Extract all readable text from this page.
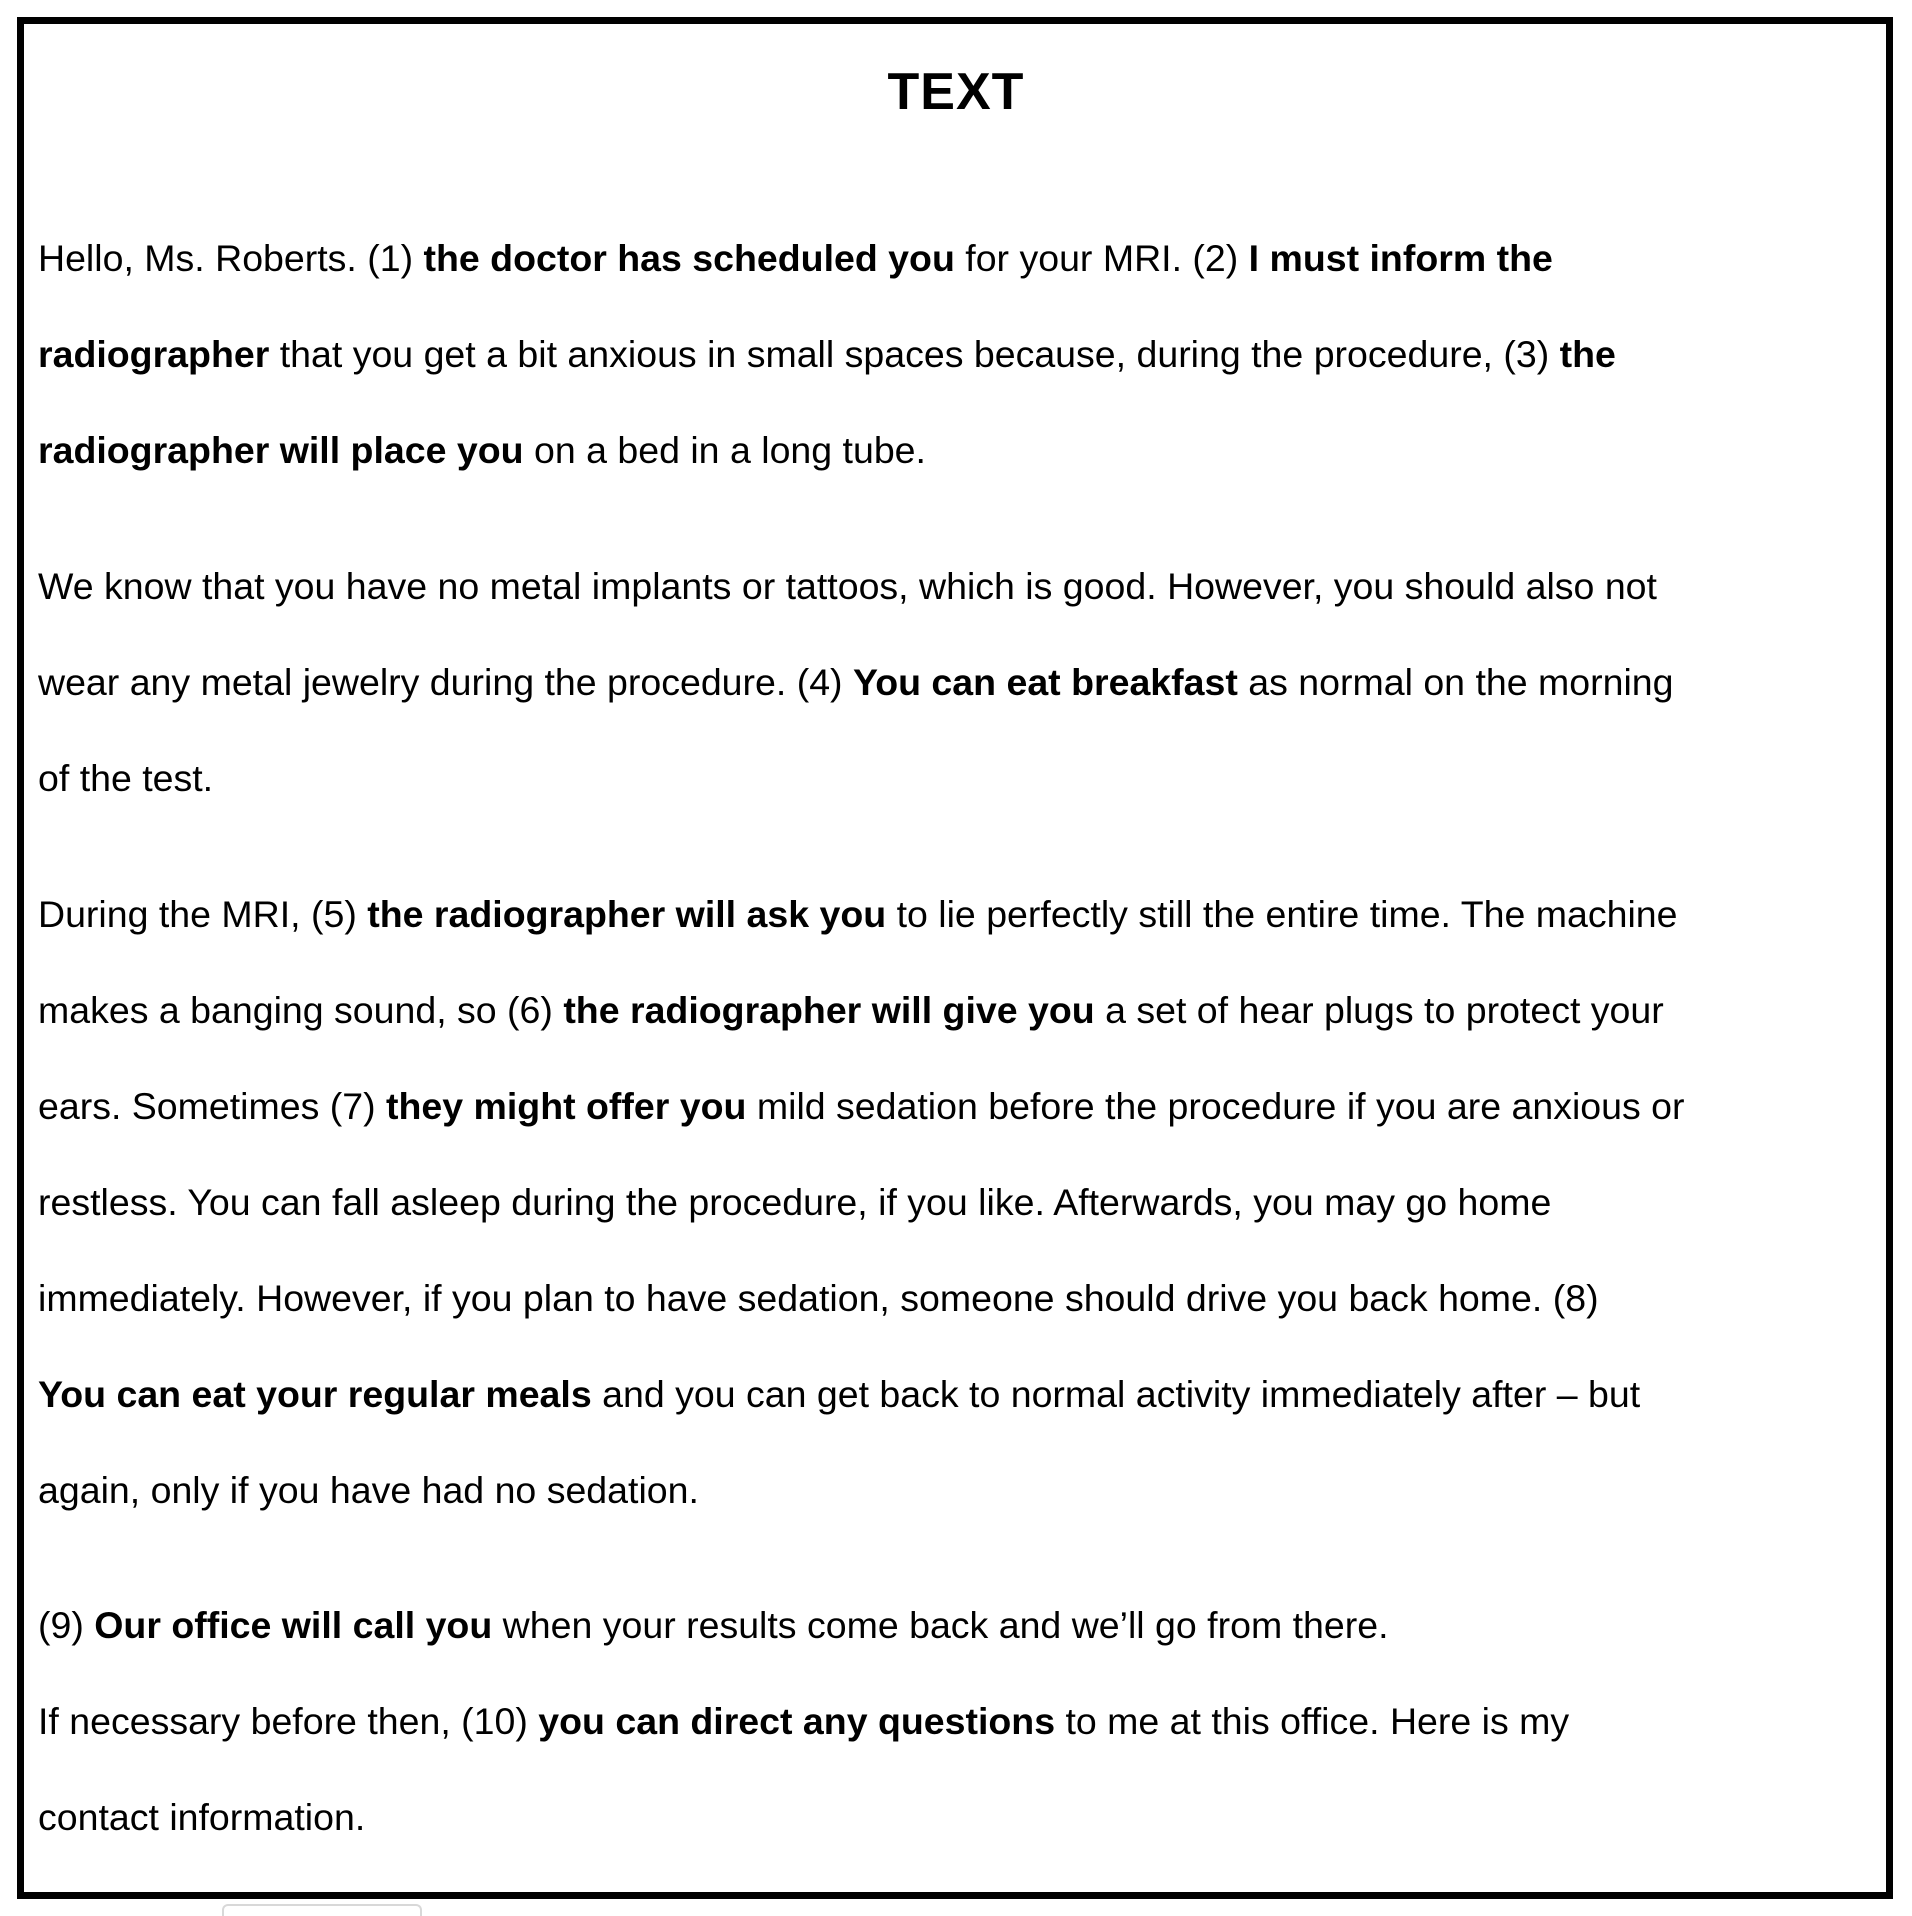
TEXT
Hello, Ms. Roberts. (1) the doctor has scheduled you for your MRI. (2) I must inform the
radiographer that you get a bit anxious in small spaces because, during the procedure, (3) the
radiographer will place you on a bed in a long tube.
We know that you have no metal implants or tattoos, which is good. However, you should also not
wear any metal jewelry during the procedure. (4) You can eat breakfast as normal on the morning
of the test.
During the MRI, (5) the radiographer will ask you to lie perfectly still the entire time. The machine
makes a banging sound, so (6) the radiographer will give you a set of hear plugs to protect your
ears. Sometimes (7) they might offer you mild sedation before the procedure if you are anxious or
restless. You can fall asleep during the procedure, if you like. Afterwards, you may go home
immediately. However, if you plan to have sedation, someone should drive you back home. (8)
You can eat your regular meals and you can get back to normal activity immediately after – but
again, only if you have had no sedation.
(9) Our office will call you when your results come back and we’ll go from there.
If necessary before then, (10) you can direct any questions to me at this office. Here is my
contact information.
